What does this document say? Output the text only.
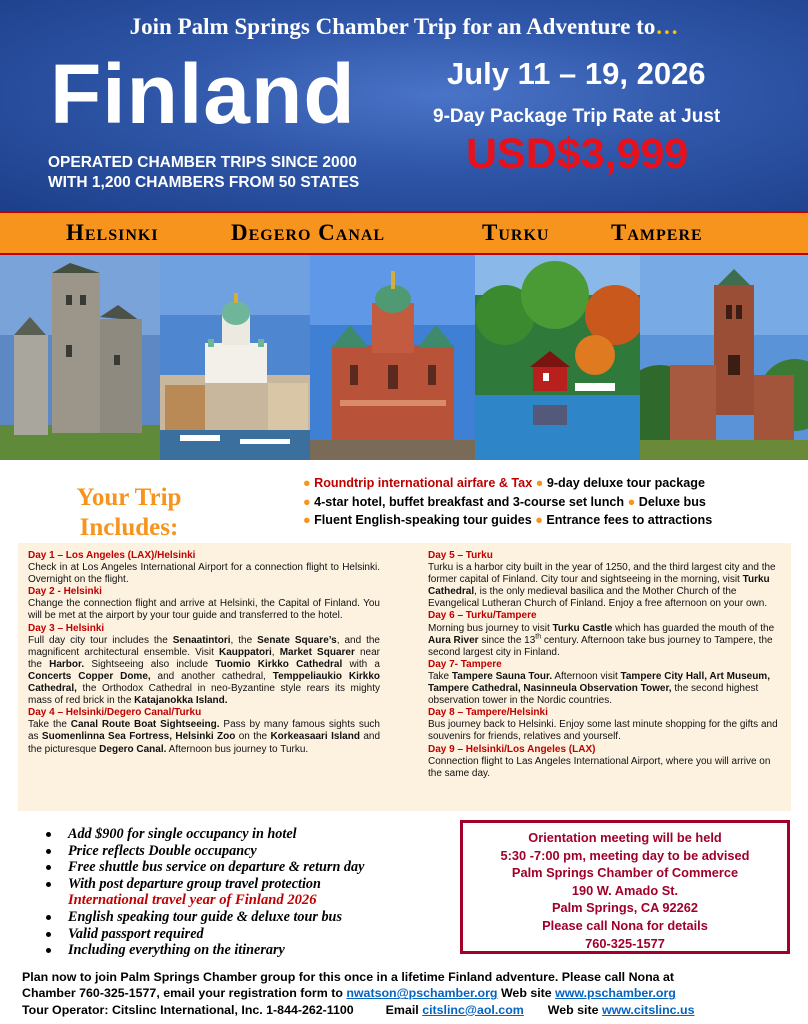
Join Palm Springs Chamber Trip for an Adventure to…
Finland	July 11 – 19, 2026
9-Day Package Trip Rate at Just
USD$3,999
OPERATED CHAMBER TRIPS SINCE 2000
WITH 1,200 CHAMBERS FROM 50 STATES
Helsinki	Degero Canal	Turku	Tampere
Your Trip
Includes:
● Roundtrip international airfare & Tax ● 9-day deluxe tour package
● 4-star hotel, buffet breakfast and 3-course set lunch ● Deluxe bus
● Fluent English-speaking tour guides ● Entrance fees to attractions
Day 1 – Los Angeles (LAX)/Helsinki
Check in at Los Angeles International Airport for a connection flight to Helsinki. Overnight on the flight.
Day 2 - Helsinki
Change the connection flight and arrive at Helsinki, the Capital of Finland. You will be met at the airport by your tour guide and transferred to the hotel.
Day 3 – Helsinki
Full day city tour includes the Senaatintori, the Senate Square’s, and the magnificent architectural ensemble. Visit Kauppatori, Market Squarer near the Harbor. Sightseeing also include Tuomio Kirkko Cathedral with a Concerts Copper Dome, and another cathedral, Temppeliaukio Kirkko Cathedral, the Orthodox Cathedral in neo-Byzantine style rears its mighty mass of red brick in the Katajanokka Island.
Day 4 – Helsinki/Degero Canal/Turku
Take the Canal Route Boat Sightseeing. Pass by many famous sights such as Suomenlinna Sea Fortress, Helsinki Zoo on the Korkeasaari Island and the picturesque Degero Canal. Afternoon bus journey to Turku.
Day 5 – Turku
Turku is a harbor city built in the year of 1250, and the third largest city and the former capital of Finland. City tour and sightseeing in the morning, visit Turku Cathedral, is the only medieval basilica and the Mother Church of the Evangelical Lutheran Church of Finland. Enjoy a free afternoon on your own.
Day 6 – Turku/Tampere
Morning bus journey to visit Turku Castle which has guarded the mouth of the Aura River since the 13th century. Afternoon take bus journey to Tampere, the second largest city in Finland.
Day 7- Tampere
Take Tampere Sauna Tour. Afternoon visit Tampere City Hall, Art Museum, Tampere Cathedral, Nasinneula Observation Tower, the second highest observation tower in the Nordic countries.
Day 8 – Tampere/Helsinki
Bus journey back to Helsinki. Enjoy some last minute shopping for the gifts and souvenirs for friends, relatives and yourself.
Day 9 – Helsinki/Los Angeles (LAX)
Connection flight to Las Angeles International Airport, where you will arrive on the same day.
Add $900 for single occupancy in hotel
Price reflects Double occupancy
Free shuttle bus service on departure & return day
With post departure group travel protection
International travel year of Finland 2026
English speaking tour guide & deluxe tour bus
Valid passport required
Including everything on the itinerary
Orientation meeting will be held
5:30 -7:00 pm, meeting day to be advised
Palm Springs Chamber of Commerce
190 W. Amado St.
Palm Springs, CA 92262
Please call Nona for details
760-325-1577
Plan now to join Palm Springs Chamber group for this once in a lifetime Finland adventure. Please call Nona at
Chamber 760-325-1577, email your registration form to nwatson@pschamber.org Web site www.pschamber.org
Tour Operator: Citslinc International, Inc. 1-844-262-1100	Email citslinc@aol.com Web site www.citslinc.us
